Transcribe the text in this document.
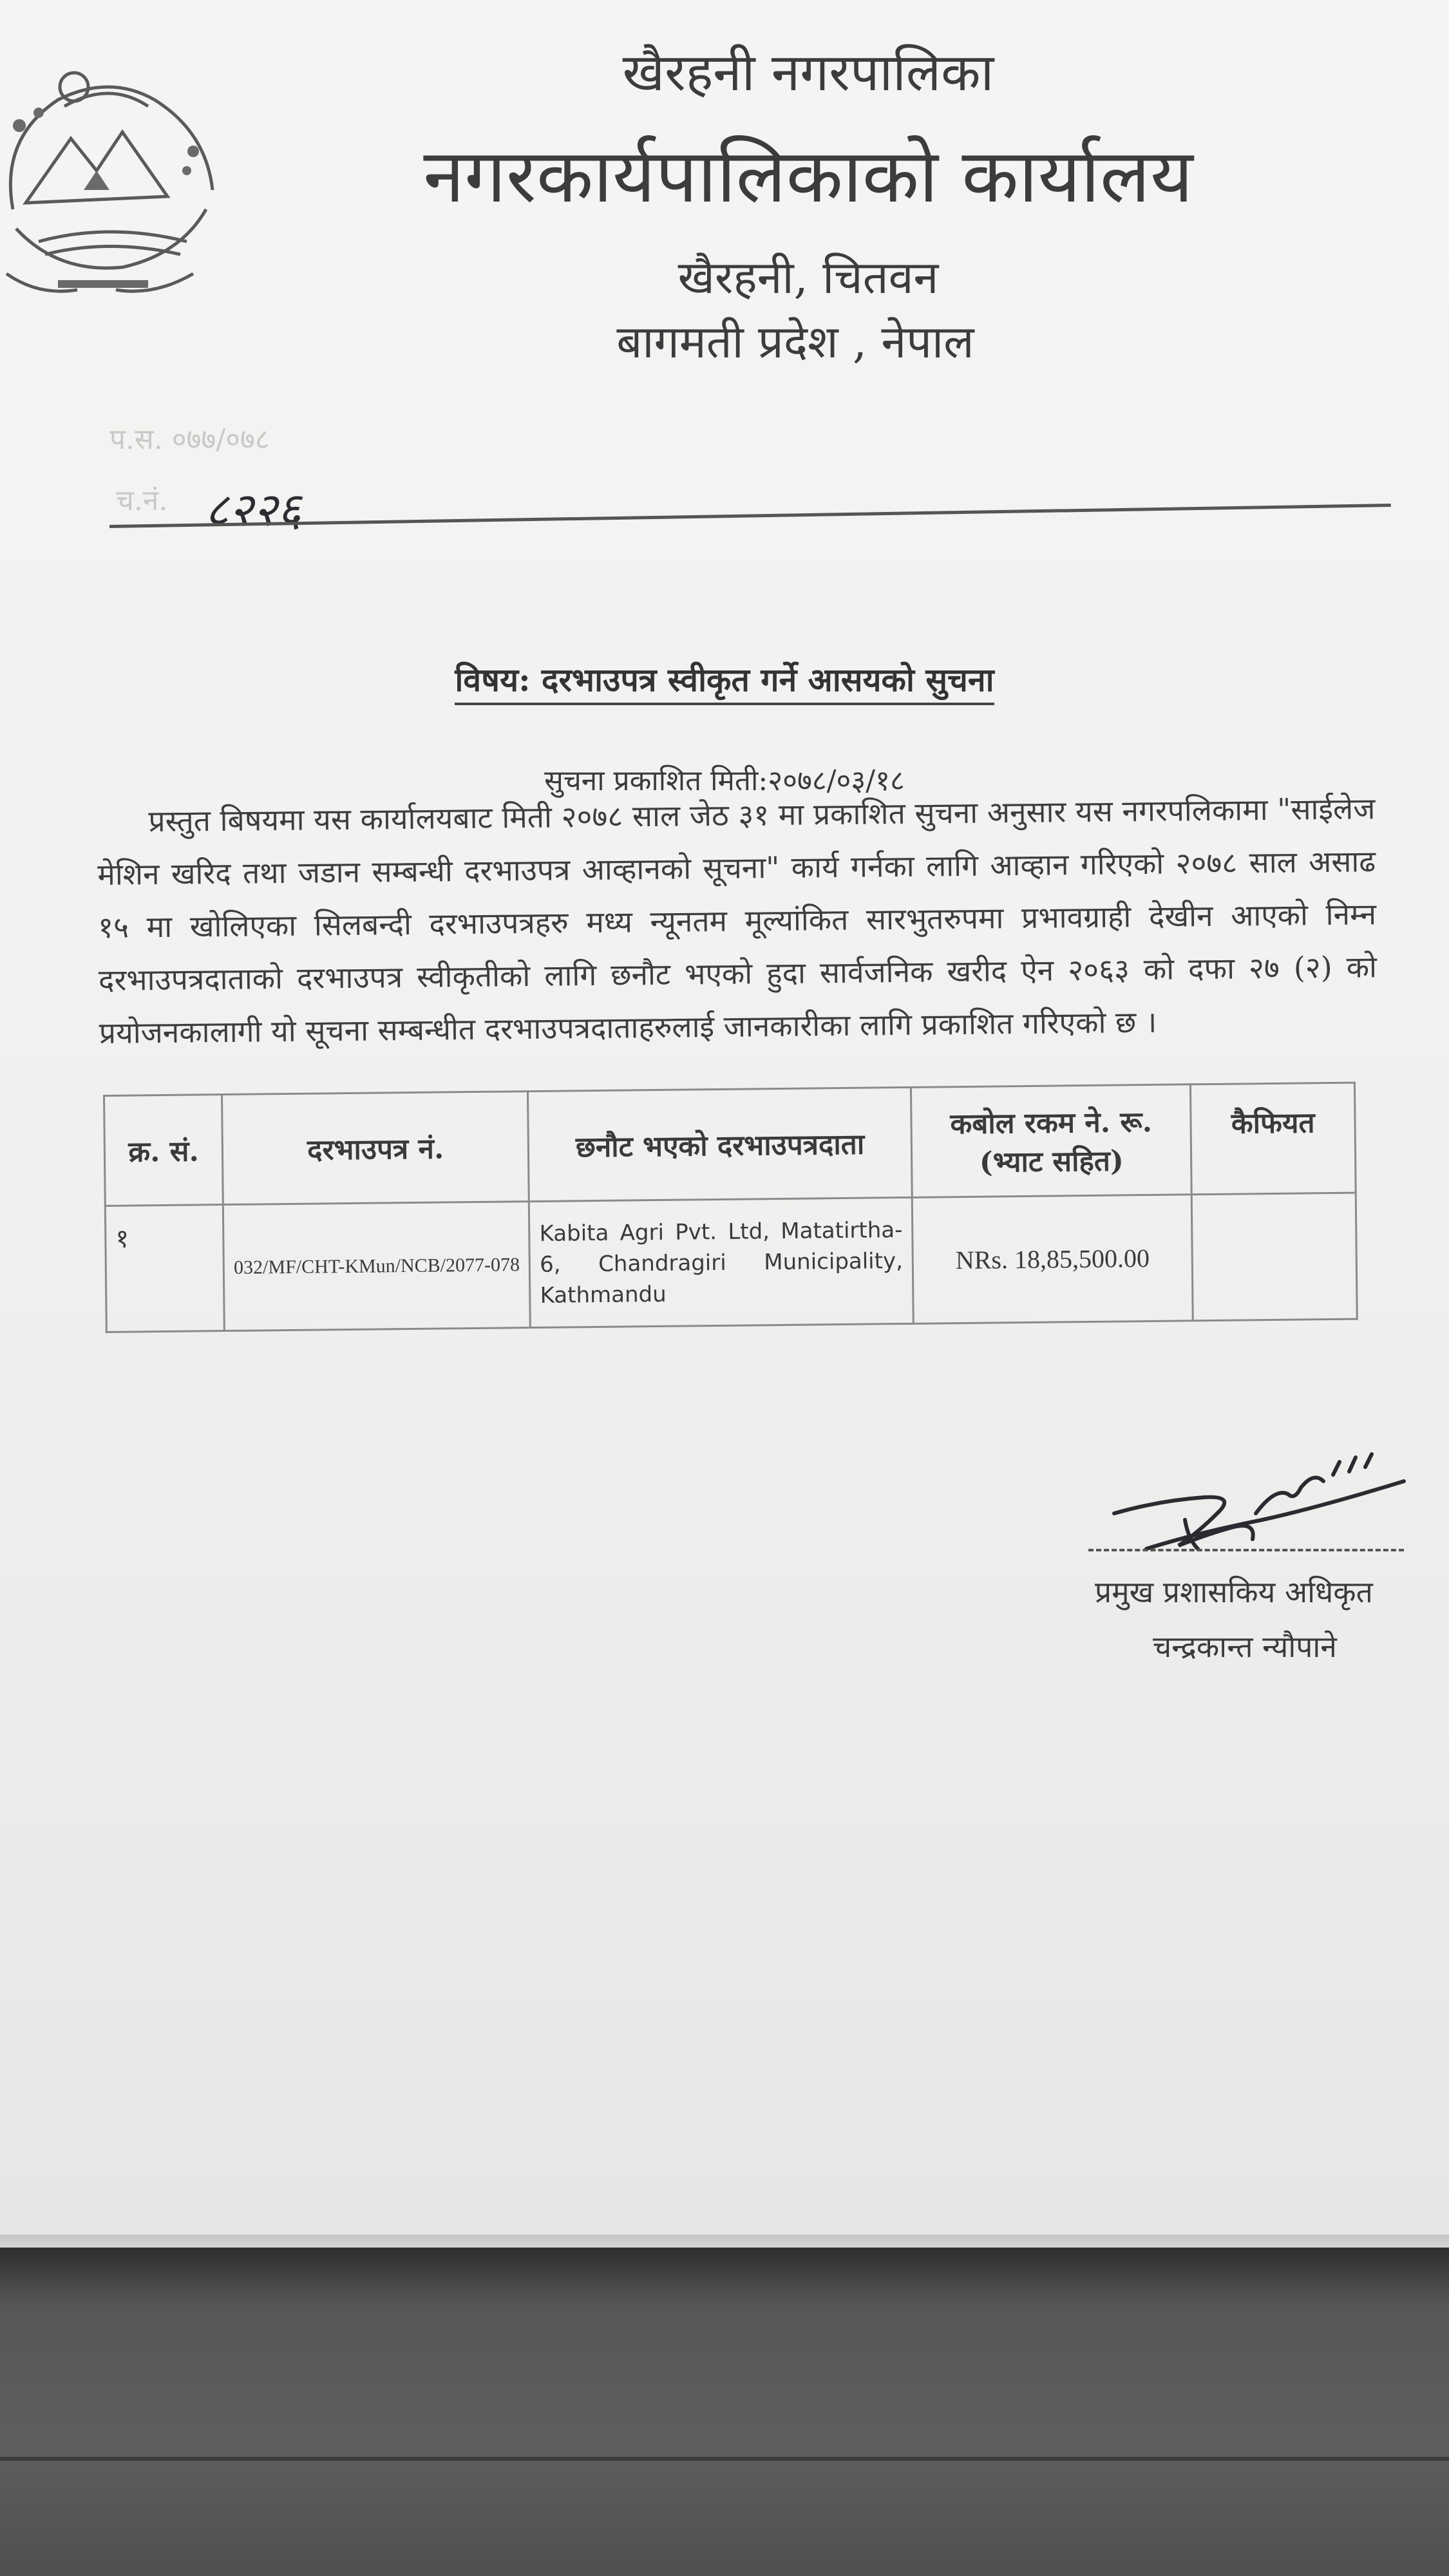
खैरहनी नगरपालिका
नगरकार्यपालिकाको कार्यालय
खैरहनी, चितवन
बागमती प्रदेश , नेपाल
प.स. ०७७/०७८
च.नं. ८२२६
विषय: दरभाउपत्र स्वीकृत गर्ने आसयको सुचना
सुचना प्रकाशित मिती:२०७८/०३/१८
प्रस्तुत बिषयमा यस कार्यालयबाट मिती २०७८ साल जेठ ३१ मा प्रकाशित सुचना अनुसार यस नगरपलिकामा "साईलेज मेशिन खरिद तथा जडान सम्बन्धी दरभाउपत्र आव्हानको सूचना" कार्य गर्नका लागि आव्हान गरिएको २०७८ साल असाढ १५ मा खोलिएका सिलबन्दी दरभाउपत्रहरु मध्य न्यूनतम मूल्यांकित सारभुतरुपमा प्रभावग्राही देखीन आएको निम्न दरभाउपत्रदाताको दरभाउपत्र स्वीकृतीको लागि छनौट भएको हुदा सार्वजनिक खरीद ऐन २०६३ को दफा २७ (२) को प्रयोजनकालागी यो सूचना सम्बन्धीत दरभाउपत्रदाताहरुलाई जानकारीका लागि प्रकाशित गरिएको छ ।
क्र. सं.	दरभाउपत्र नं.	छनौट भएको दरभाउपत्रदाता	कबोल रकम ने. रू. (भ्याट सहित)	कैफियत
१	032/MF/CHT-KMun/NCB/2077-078	Kabita Agri Pvt. Ltd, Matatirtha-6, Chandragiri Municipality, Kathmandu	NRs. 18,85,500.00	
प्रमुख प्रशासकिय अधिकृत
चन्द्रकान्त न्यौपाने
